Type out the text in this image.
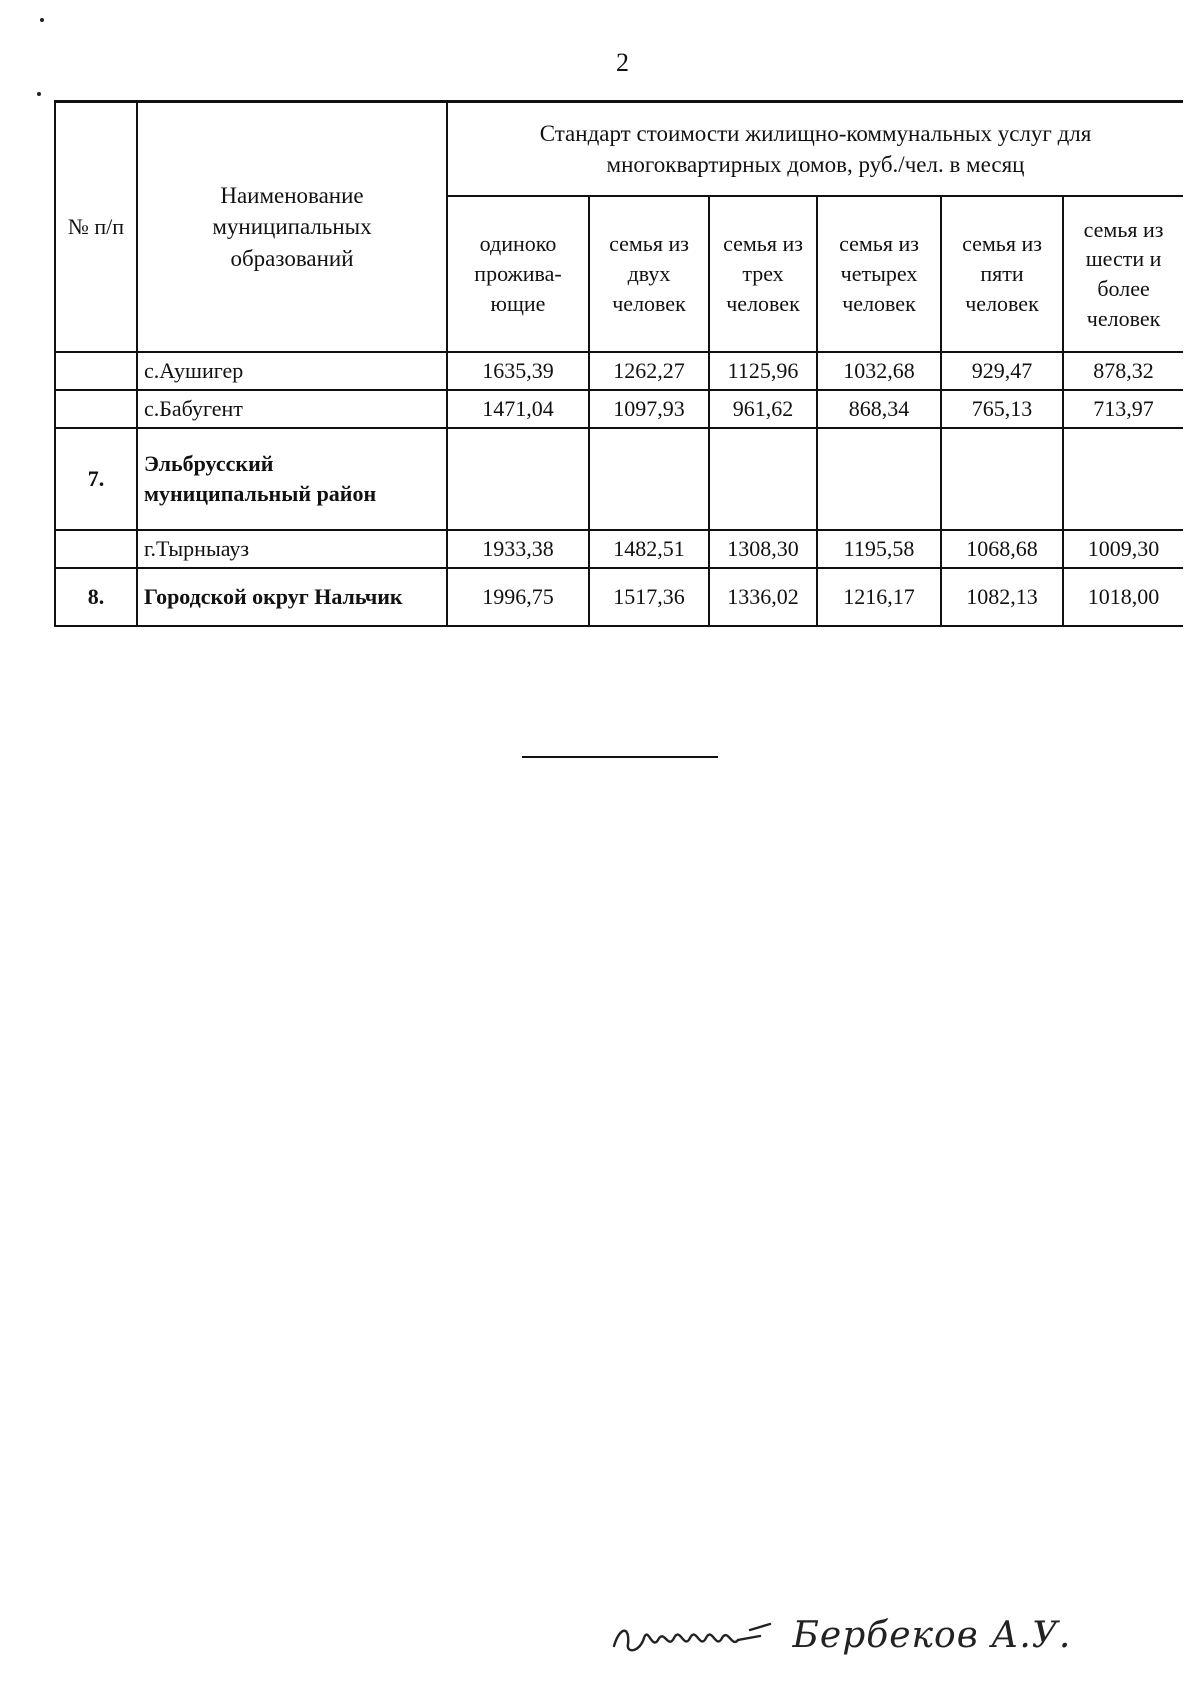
2
№ п/п	Наименование муниципальных образований	Стандарт стоимости жилищно-коммунальных услуг для многоквартирных домов, руб./чел. в месяц					
		одиноко прожива-ющие	семья из двух человек	семья из трех человек	семья из четырех человек	семья из пяти человек	семья из шести и более человек
	с.Аушигер	1635,39	1262,27	1125,96	1032,68	929,47	878,32
	с.Бабугент	1471,04	1097,93	961,62	868,34	765,13	713,97
7.	Эльбрусский муниципальный район						
	г.Тырныауз	1933,38	1482,51	1308,30	1195,58	1068,68	1009,30
8.	Городской округ Нальчик	1996,75	1517,36	1336,02	1216,17	1082,13	1018,00
Бербеков А.У.
